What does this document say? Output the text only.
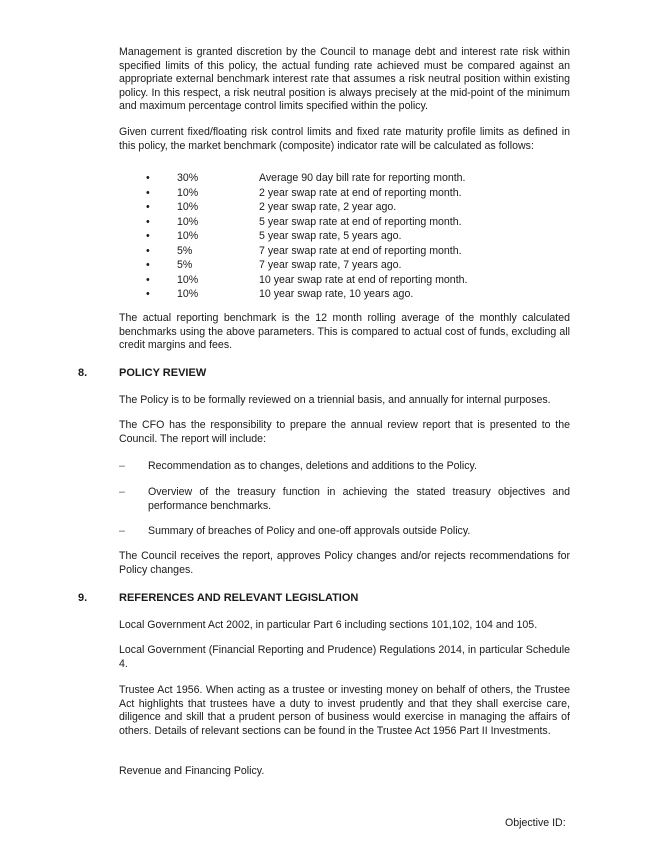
Management is granted discretion by the Council to manage debt and interest rate risk within specified limits of this policy, the actual funding rate achieved must be compared against an appropriate external benchmark interest rate that assumes a risk neutral position within existing policy. In this respect, a risk neutral position is always precisely at the mid-point of the minimum and maximum percentage control limits specified within the policy.

Given current fixed/floating risk control limits and fixed rate maturity profile limits as defined in this policy, the market benchmark (composite) indicator rate will be calculated as follows:

•	30%	Average 90 day bill rate for reporting month.
•	10%	2 year swap rate at end of reporting month.
•	10%	2 year swap rate, 2 year ago.
•	10%	5 year swap rate at end of reporting month.
•	10%	5 year swap rate, 5 years ago.
•	5%	7 year swap rate at end of reporting month.
•	5%	7 year swap rate, 7 years ago.
•	10%	10 year swap rate at end of reporting month.
•	10%	10 year swap rate, 10 years ago.

The actual reporting benchmark is the 12 month rolling average of the monthly calculated benchmarks using the above parameters. This is compared to actual cost of funds, excluding all credit margins and fees.

8.	POLICY REVIEW

The Policy is to be formally reviewed on a triennial basis, and annually for internal purposes.

The CFO has the responsibility to prepare the annual review report that is presented to the Council. The report will include:

– Recommendation as to changes, deletions and additions to the Policy.

– Overview of the treasury function in achieving the stated treasury objectives and performance benchmarks.

– Summary of breaches of Policy and one-off approvals outside Policy.

The Council receives the report, approves Policy changes and/or rejects recommendations for Policy changes.

9.	REFERENCES AND RELEVANT LEGISLATION

Local Government Act 2002, in particular Part 6 including sections 101,102, 104 and 105.

Local Government (Financial Reporting and Prudence) Regulations 2014, in particular Schedule 4.

Trustee Act 1956. When acting as a trustee or investing money on behalf of others, the Trustee Act highlights that trustees have a duty to invest prudently and that they shall exercise care, diligence and skill that a prudent person of business would exercise in managing the affairs of others. Details of relevant sections can be found in the Trustee Act 1956 Part II Investments.

Revenue and Financing Policy.

Objective ID:
